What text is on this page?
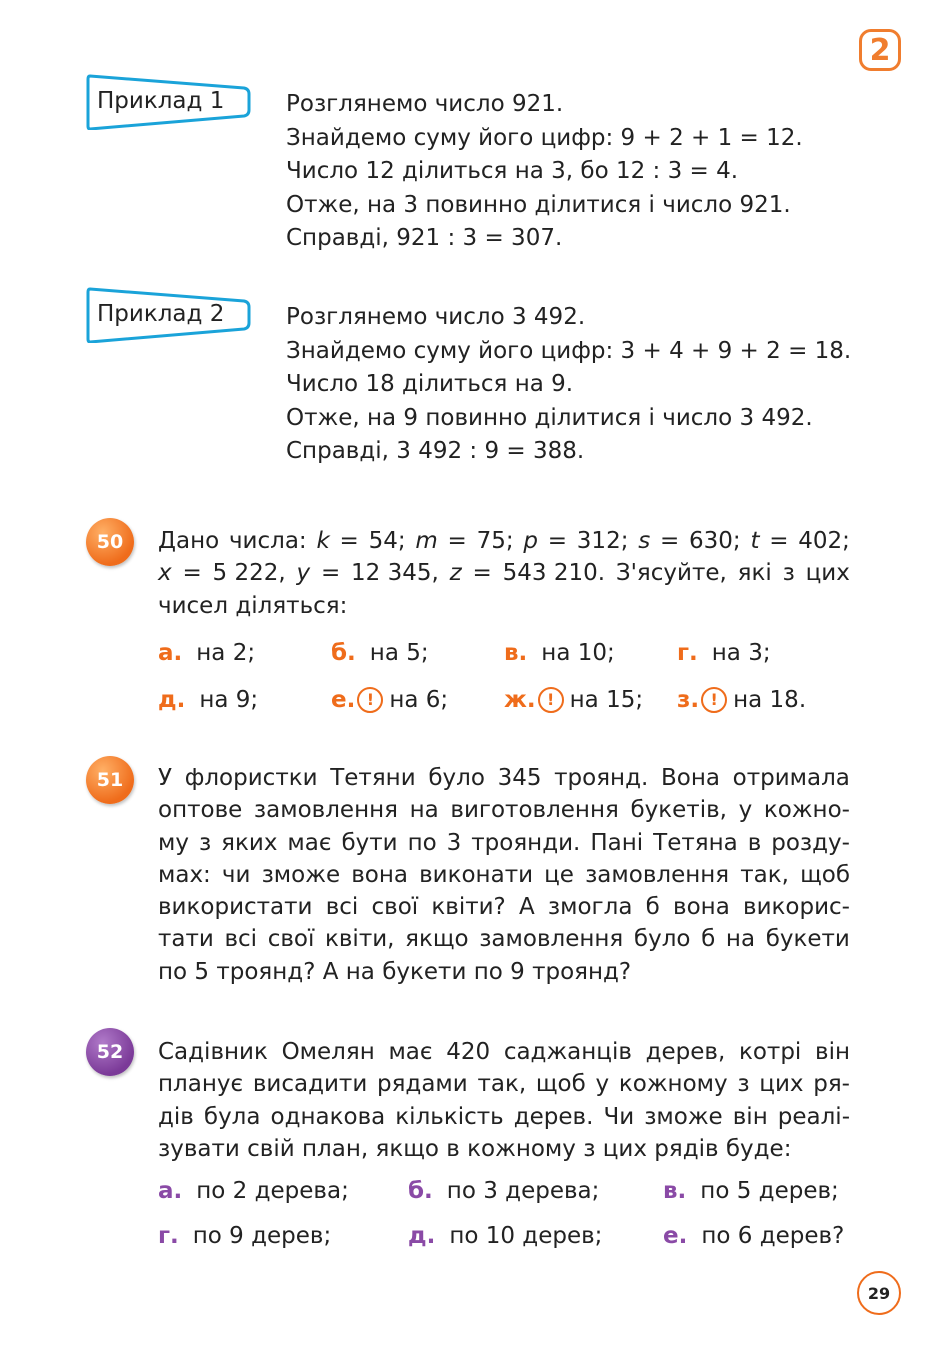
2
Приклад 1	Розглянемо число 921.
Знайдемо суму його цифр: 9 + 2 + 1 = 12.
Число 12 ділиться на 3, бо 12 : 3 = 4.
Отже, на 3 повинно ділитися і число 921.
Справді, 921 : 3 = 307.
Приклад 2	Розглянемо число 3 492.
Знайдемо суму його цифр: 3 + 4 + 9 + 2 = 18.
Число 18 ділиться на 9.
Отже, на 9 повинно ділитися і число 3 492.
Справді, 3 492 : 9 = 388.
50	Дано числа: k = 54; m = 75; p = 312; s = 630; t = 402;
x = 5 222, y = 12 345, z = 543 210. З'ясуйте, які з цих
чисел діляться:
а. на 2;	б. на 5;	в. на 10;	г. на 3;
д. на 9;	е. ! на 6; ж. ! на 15; з. ! на 18.
51	У флористки Тетяни було 345 троянд. Вона отримала
оптове замовлення на виготовлення букетів, у кожно-
му з яких має бути по 3 троянди. Пані Тетяна в розду-
мах: чи зможе вона виконати це замовлення так, щоб
використати всі свої квіти? А змогла б вона викорис-
тати всі свої квіти, якщо замовлення було б на букети
по 5 троянд? А на букети по 9 троянд?
52	Садівник Омелян має 420 саджанців дерев, котрі він
планує висадити рядами так, щоб у кожному з цих ря-
дів була однакова кількість дерев. Чи зможе він реалі-
зувати свій план, якщо в кожному з цих рядів буде:
а. по 2 дерева;	б. по 3 дерева;	в. по 5 дерев;
г. по 9 дерев;	д. по 10 дерев;	е. по 6 дерев?
29
